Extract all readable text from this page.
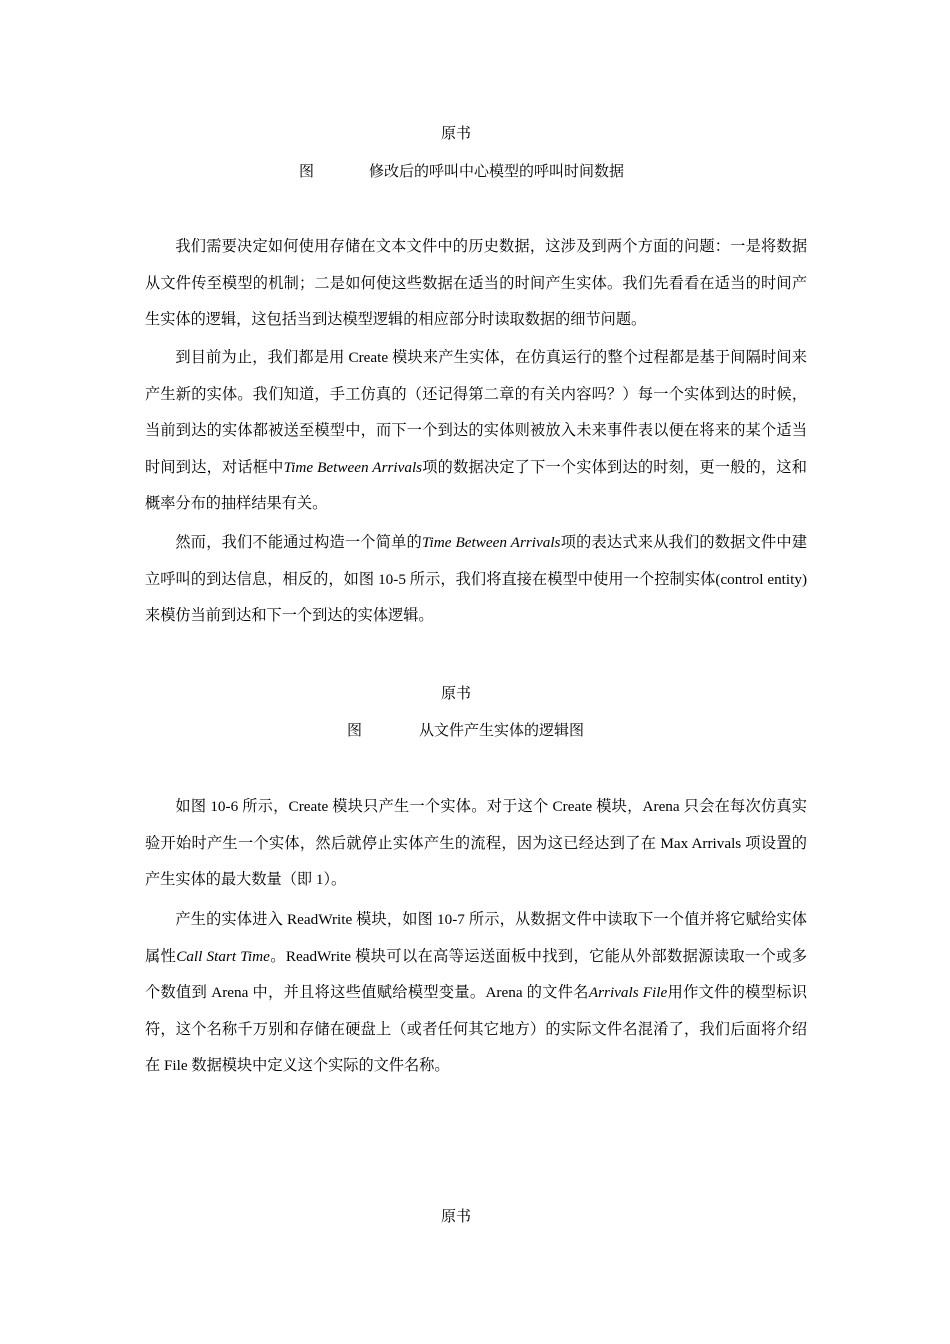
原书

图	修改后的呼叫中心模型的呼叫时间数据

我们需要决定如何使用存储在文本文件中的历史数据，这涉及到两个方面的问题：一是将数据从文件传至模型的机制；二是如何使这些数据在适当的时间产生实体。我们先看看在适当的时间产生实体的逻辑，这包括当到达模型逻辑的相应部分时读取数据的细节问题。

到目前为止，我们都是用 Create 模块来产生实体，在仿真运行的整个过程都是基于间隔时间来产生新的实体。我们知道，手工仿真的（还记得第二章的有关内容吗？）每一个实体到达的时候，当前到达的实体都被送至模型中，而下一个到达的实体则被放入未来事件表以便在将来的某个适当时间到达，对话框中Time Between Arrivals项的数据决定了下一个实体到达的时刻，更一般的，这和概率分布的抽样结果有关。

然而，我们不能通过构造一个简单的Time Between Arrivals项的表达式来从我们的数据文件中建立呼叫的到达信息，相反的，如图 10-5 所示，我们将直接在模型中使用一个控制实体(control entity)来模仿当前到达和下一个到达的实体逻辑。

原书

图	从文件产生实体的逻辑图

如图 10-6 所示，Create 模块只产生一个实体。对于这个 Create 模块，Arena 只会在每次仿真实验开始时产生一个实体，然后就停止实体产生的流程，因为这已经达到了在 Max Arrivals 项设置的产生实体的最大数量（即 1）。

产生的实体进入 ReadWrite 模块，如图 10-7 所示，从数据文件中读取下一个值并将它赋给实体属性Call Start Time。ReadWrite 模块可以在高等运送面板中找到，它能从外部数据源读取一个或多个数值到 Arena 中，并且将这些值赋给模型变量。Arena 的文件名Arrivals File用作文件的模型标识符，这个名称千万别和存储在硬盘上（或者任何其它地方）的实际文件名混淆了，我们后面将介绍在 File 数据模块中定义这个实际的文件名称。

原书
